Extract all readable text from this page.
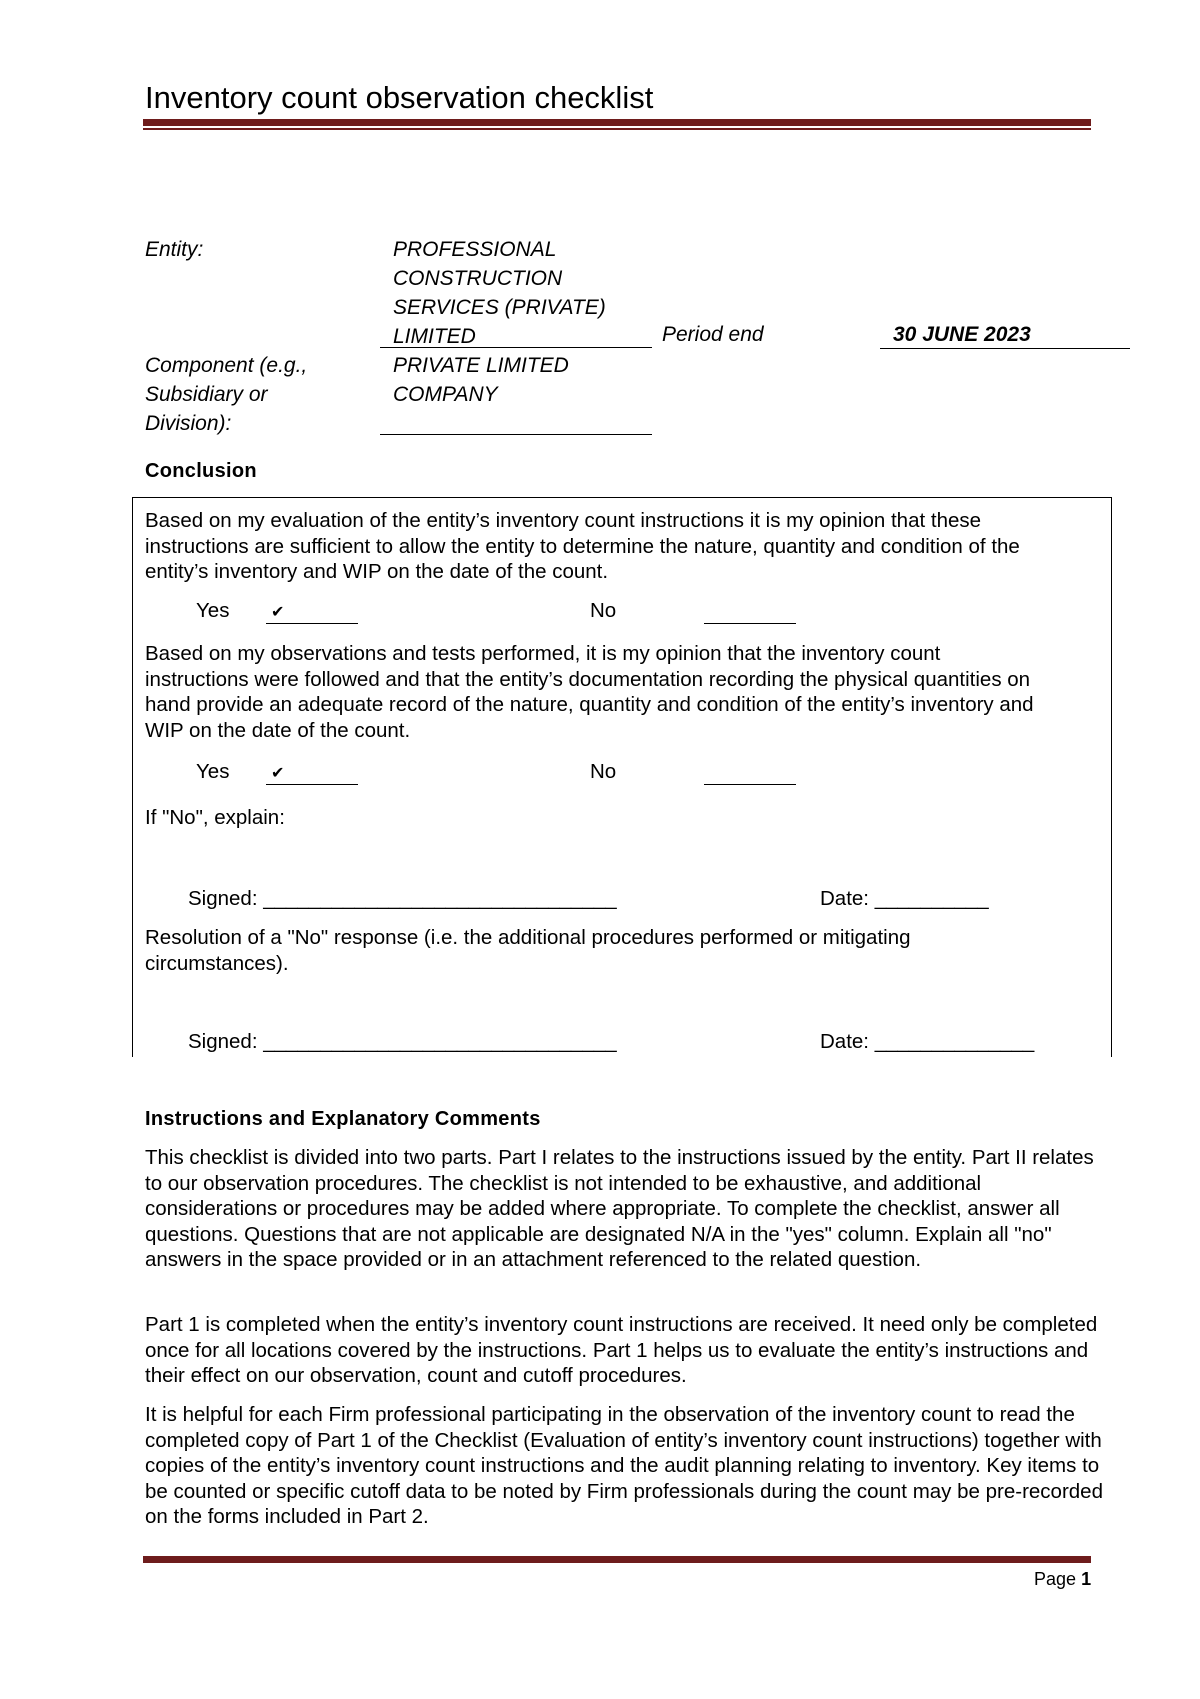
Inventory count observation checklist
Entity:	PROFESSIONAL
CONSTRUCTION
SERVICES (PRIVATE)
LIMITED	Period end	30 JUNE 2023
Component (e.g.,
Subsidiary or
Division):
PRIVATE LIMITED
COMPANY
Conclusion
Based on my evaluation of the entity’s inventory count instructions it is my opinion that these instructions are sufficient to allow the entity to determine the nature, quantity and condition of the entity’s inventory and WIP on the date of the count.
Yes	✔	No
Based on my observations and tests performed, it is my opinion that the inventory count instructions were followed and that the entity’s documentation recording the physical quantities on hand provide an adequate record of the nature, quantity and condition of the entity’s inventory and WIP on the date of the count.
Yes	✔	No
If "No", explain:
Signed: _______________________________	Date: __________
Resolution of a "No" response (i.e. the additional procedures performed or mitigating circumstances).
Signed: _______________________________	Date: ______________
Instructions and Explanatory Comments
This checklist is divided into two parts. Part I relates to the instructions issued by the entity. Part II relates to our observation procedures. The checklist is not intended to be exhaustive, and additional considerations or procedures may be added where appropriate. To complete the checklist, answer all questions. Questions that are not applicable are designated N/A in the "yes" column. Explain all "no" answers in the space provided or in an attachment referenced to the related question.
Part 1 is completed when the entity’s inventory count instructions are received. It need only be completed once for all locations covered by the instructions. Part 1 helps us to evaluate the entity’s instructions and their effect on our observation, count and cutoff procedures.
It is helpful for each Firm professional participating in the observation of the inventory count to read the completed copy of Part 1 of the Checklist (Evaluation of entity’s inventory count instructions) together with copies of the entity’s inventory count instructions and the audit planning relating to inventory. Key items to be counted or specific cutoff data to be noted by Firm professionals during the count may be pre-recorded on the forms included in Part 2.
Page 1
